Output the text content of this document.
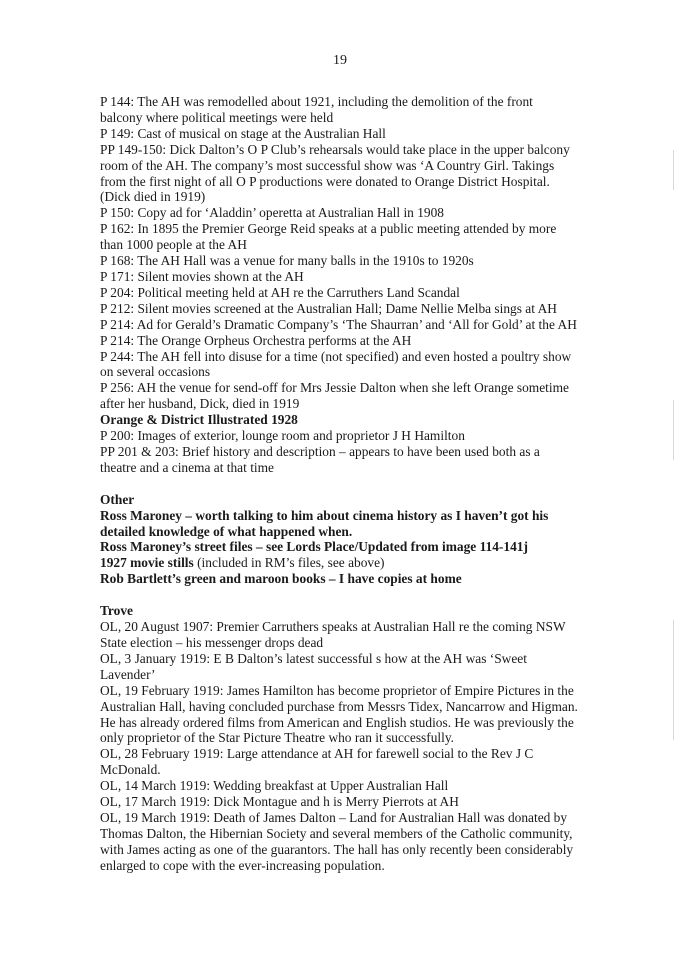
19

P 144: The AH was remodelled about 1921, including the demolition of the front balcony where political meetings were held

P 149: Cast of musical on stage at the Australian Hall

PP 149-150: Dick Dalton’s O P Club’s rehearsals would take place in the upper balcony room of the AH. The company’s most successful show was ‘A Country Girl. Takings from the first night of all O P productions were donated to Orange District Hospital. (Dick died in 1919)

P 150: Copy ad for ‘Aladdin’ operetta at Australian Hall in 1908

P 162: In 1895 the Premier George Reid speaks at a public meeting attended by more than 1000 people at the AH

P 168: The AH Hall was a venue for many balls in the 1910s to 1920s

P 171: Silent movies shown at the AH

P 204: Political meeting held at AH re the Carruthers Land Scandal

P 212: Silent movies screened at the Australian Hall; Dame Nellie Melba sings at AH

P 214: Ad for Gerald’s Dramatic Company’s ‘The Shaurran’ and ‘All for Gold’ at the AH

P 214: The Orange Orpheus Orchestra performs at the AH

P 244: The AH fell into disuse for a time (not specified) and even hosted a poultry show on several occasions

P 256: AH the venue for send-off for Mrs Jessie Dalton when she left Orange sometime after her husband, Dick, died in 1919

Orange & District Illustrated 1928

P 200: Images of exterior, lounge room and proprietor J H Hamilton

PP 201 & 203: Brief history and description – appears to have been used both as a theatre and a cinema at that time

Other

Ross Maroney – worth talking to him about cinema history as I haven’t got his detailed knowledge of what happened when.

Ross Maroney’s street files – see Lords Place/Updated from image 114-141j

1927 movie stills (included in RM’s files, see above)

Rob Bartlett’s green and maroon books – I have copies at home

Trove

OL, 20 August 1907: Premier Carruthers speaks at Australian Hall re the coming NSW State election – his messenger drops dead

OL, 3 January 1919: E B Dalton’s latest successful s how at the AH was ‘Sweet Lavender’

OL, 19 February 1919: James Hamilton has become proprietor of Empire Pictures in the Australian Hall, having concluded purchase from Messrs Tidex, Nancarrow and Higman. He has already ordered films from American and English studios. He was previously the only proprietor of the Star Picture Theatre who ran it successfully.

OL, 28 February 1919: Large attendance at AH for farewell social to the Rev J C McDonald.

OL, 14 March 1919: Wedding breakfast at Upper Australian Hall

OL, 17 March 1919: Dick Montague and h is Merry Pierrots at AH

OL, 19 March 1919: Death of James Dalton – Land for Australian Hall was donated by Thomas Dalton, the Hibernian Society and several members of the Catholic community, with James acting as one of the guarantors. The hall has only recently been considerably enlarged to cope with the ever-increasing population.
